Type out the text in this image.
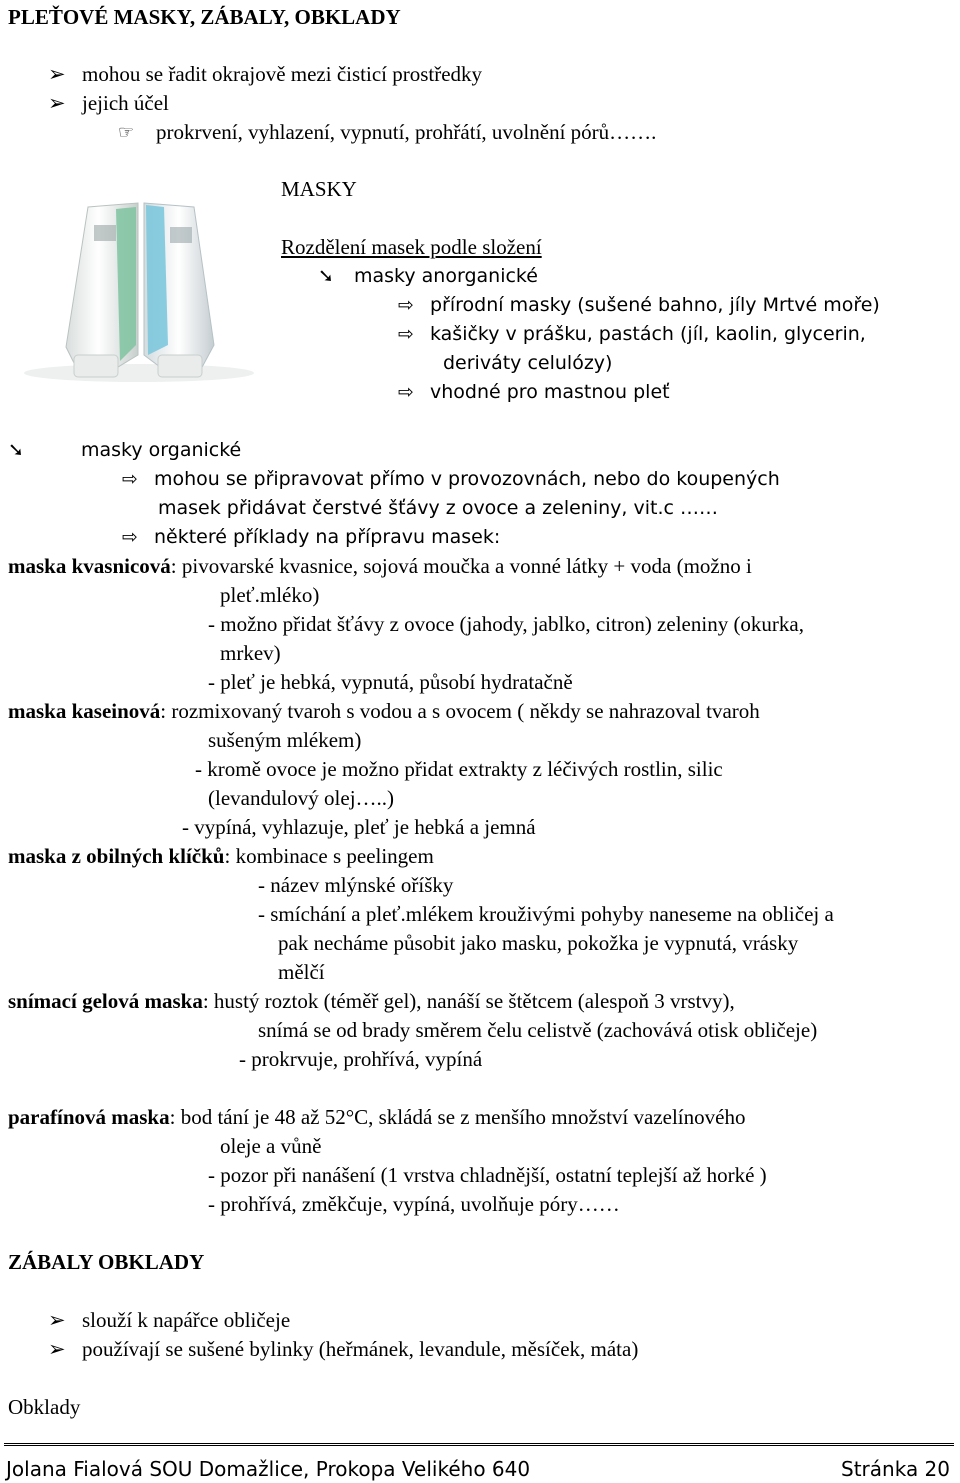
PLEŤOVÉ MASKY, ZÁBALY, OBKLADY
➢ mohou se řadit okrajově mezi čisticí prostředky
➢ jejich účel
☞ prokrvení, vyhlazení, vypnutí, prohřátí, uvolnění pórů…….
MASKY
Rozdělení masek podle složení
➘ masky anorganické
⇨ přírodní masky (sušené bahno, jíly Mrtvé moře)
⇨ kašičky v prášku, pastách (jíl, kaolin, glycerin,
deriváty celulózy)
⇨ vhodné pro mastnou pleť
➘	masky organické
⇨ mohou se připravovat přímo v provozovnách, nebo do koupených
masek přidávat čerstvé šťávy z ovoce a zeleniny, vit.c ……
⇨ některé příklady na přípravu masek:
maska kvasnicová: pivovarské kvasnice, sojová moučka a vonné látky + voda (možno i
pleť.mléko)
- možno přidat šťávy z ovoce (jahody, jablko, citron) zeleniny (okurka,
mrkev)
- pleť je hebká, vypnutá, působí hydratačně
maska kaseinová: rozmixovaný tvaroh s vodou a s ovocem ( někdy se nahrazoval tvaroh
sušeným mlékem)
- kromě ovoce je možno přidat extrakty z léčivých rostlin, silic
(levandulový olej…..)
- vypíná, vyhlazuje, pleť je hebká a jemná
maska z obilných klíčků: kombinace s peelingem
- název mlýnské oříšky
- smíchání a pleť.mlékem krouživými pohyby naneseme na obličej a
pak necháme působit jako masku, pokožka je vypnutá, vrásky
mělčí
snímací gelová maska: hustý roztok (téměř gel), nanáší se štětcem (alespoň 3 vrstvy),
snímá se od brady směrem čelu celistvě (zachovává otisk obličeje)
- prokrvuje, prohřívá, vypíná
parafínová maska: bod tání je 48 až 52°C, skládá se z menšího množství vazelínového
oleje a vůně
- pozor při nanášení (1 vrstva chladnější, ostatní teplejší až horké )
- prohřívá, změkčuje, vypíná, uvolňuje póry……
ZÁBALY OBKLADY
➢ slouží k napářce obličeje
➢ používají se sušené bylinky (heřmánek, levandule, měsíček, máta)
Obklady
Jolana Fialová SOU Domažlice, Prokopa Velikého 640	Stránka 20
